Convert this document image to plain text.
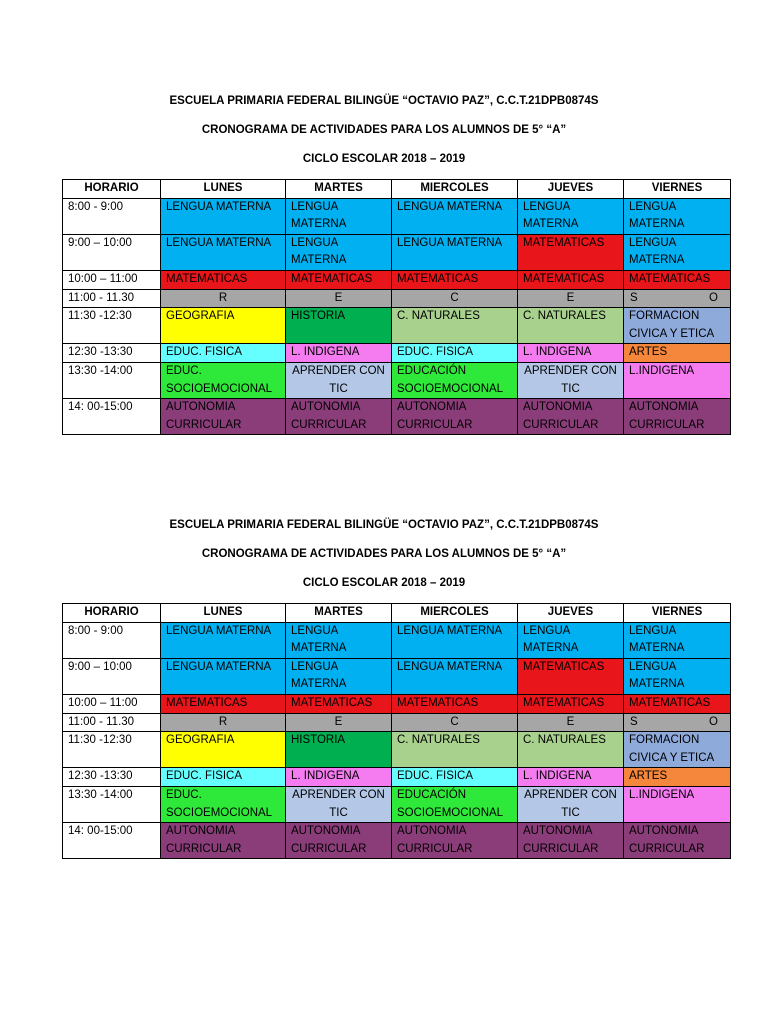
ESCUELA PRIMARIA FEDERAL BILINGÜE “OCTAVIO PAZ”, C.C.T.21DPB0874S
CRONOGRAMA DE ACTIVIDADES PARA LOS ALUMNOS DE 5° “A”
CICLO ESCOLAR 2018 – 2019
HORARIO	LUNES	MARTES	MIERCOLES	JUEVES	VIERNES
8:00 - 9:00	LENGUA MATERNA	LENGUA MATERNA	LENGUA MATERNA	LENGUA MATERNA	LENGUA MATERNA
9:00 – 10:00	LENGUA MATERNA	LENGUA MATERNA	LENGUA MATERNA	MATEMATICAS	LENGUA MATERNA
10:00 – 11:00	MATEMATICAS	MATEMATICAS	MATEMATICAS	MATEMATICAS	MATEMATICAS
11:00 - 11.30	R	E	C	E	S O

11:30 -12:30	GEOGRAFIA	HISTORIA	C. NATURALES	C. NATURALES	FORMACION CIVICA Y ETICA
12:30 -13:30	EDUC. FISICA	L. INDIGENA	EDUC. FISICA	L. INDIGENA	ARTES
13:30 -14:00	EDUC. SOCIOEMOCIONAL	APRENDER CON TIC	EDUCACIÓN SOCIOEMOCIONAL	APRENDER CON TIC	L.INDIGENA
14: 00-15:00	AUTONOMIA CURRICULAR	AUTONOMIA CURRICULAR	AUTONOMIA CURRICULAR	AUTONOMIA CURRICULAR	AUTONOMIA CURRICULAR
ESCUELA PRIMARIA FEDERAL BILINGÜE “OCTAVIO PAZ”, C.C.T.21DPB0874S
CRONOGRAMA DE ACTIVIDADES PARA LOS ALUMNOS DE 5° “A”
CICLO ESCOLAR 2018 – 2019
HORARIO	LUNES	MARTES	MIERCOLES	JUEVES	VIERNES
8:00 - 9:00	LENGUA MATERNA	LENGUA MATERNA	LENGUA MATERNA	LENGUA MATERNA	LENGUA MATERNA
9:00 – 10:00	LENGUA MATERNA	LENGUA MATERNA	LENGUA MATERNA	MATEMATICAS	LENGUA MATERNA
10:00 – 11:00	MATEMATICAS	MATEMATICAS	MATEMATICAS	MATEMATICAS	MATEMATICAS
11:00 - 11.30	R	E	C	E	S O

11:30 -12:30	GEOGRAFIA	HISTORIA	C. NATURALES	C. NATURALES	FORMACION CIVICA Y ETICA
12:30 -13:30	EDUC. FISICA	L. INDIGENA	EDUC. FISICA	L. INDIGENA	ARTES
13:30 -14:00	EDUC. SOCIOEMOCIONAL	APRENDER CON TIC	EDUCACIÓN SOCIOEMOCIONAL	APRENDER CON TIC	L.INDIGENA
14: 00-15:00	AUTONOMIA CURRICULAR	AUTONOMIA CURRICULAR	AUTONOMIA CURRICULAR	AUTONOMIA CURRICULAR	AUTONOMIA CURRICULAR
